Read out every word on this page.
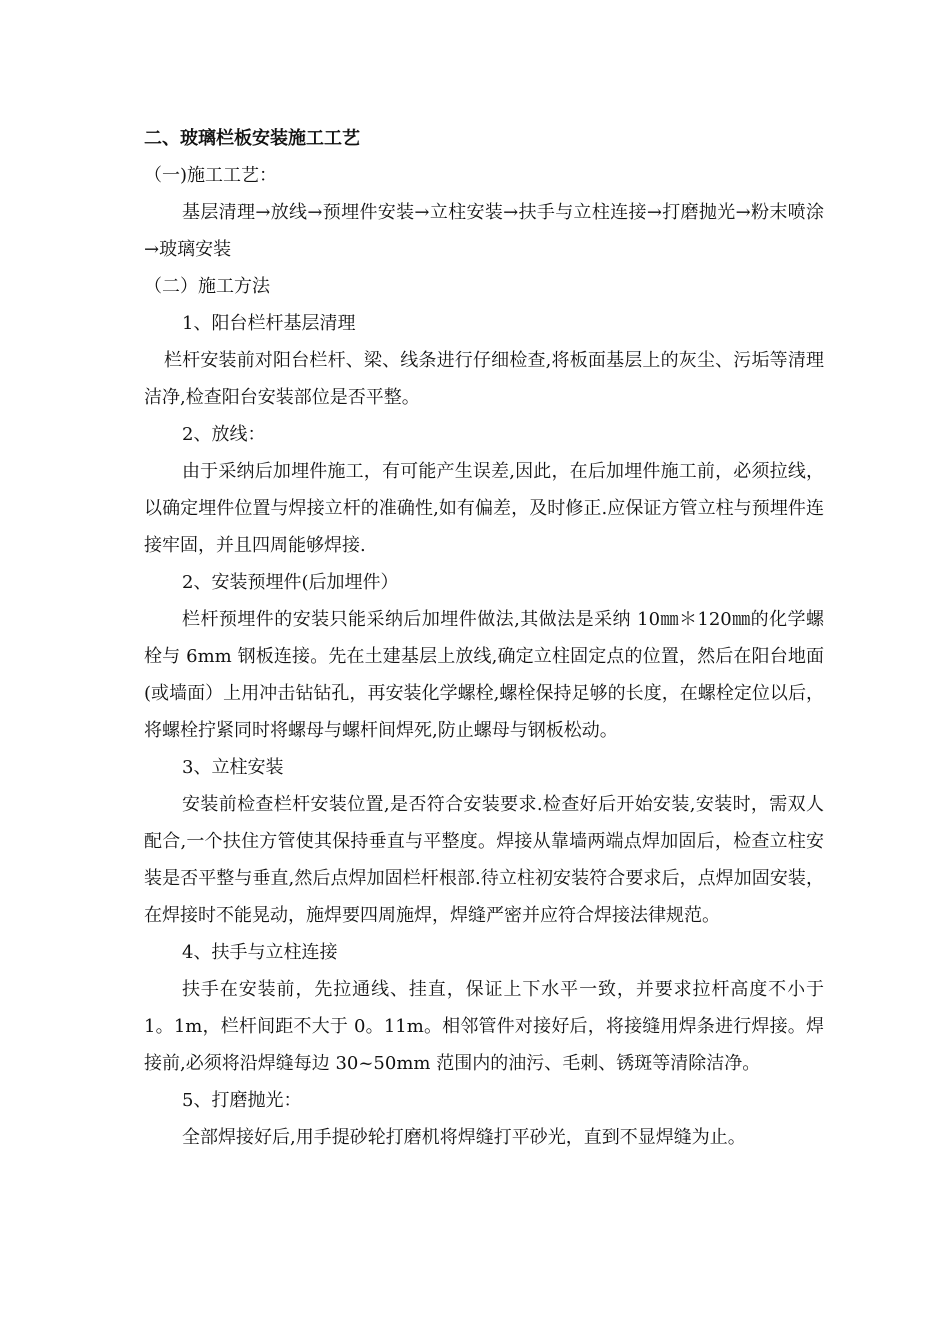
二、玻璃栏板安装施工工艺

（一)施工工艺：

基层清理→放线→预埋件安装→立柱安装→扶手与立柱连接→打磨抛光→粉末喷涂→玻璃安装

（二）施工方法

1、阳台栏杆基层清理

栏杆安装前对阳台栏杆、梁、线条进行仔细检查,将板面基层上的灰尘、污垢等清理洁净,检查阳台安装部位是否平整。

2、放线：

由于采纳后加埋件施工，有可能产生误差,因此，在后加埋件施工前，必须拉线，以确定埋件位置与焊接立杆的准确性,如有偏差，及时修正.应保证方管立柱与预埋件连接牢固，并且四周能够焊接.

2、安装预埋件(后加埋件）

栏杆预埋件的安装只能采纳后加埋件做法,其做法是采纳 10㎜＊120㎜的化学螺栓与 6mm 钢板连接。先在土建基层上放线,确定立柱固定点的位置，然后在阳台地面(或墙面）上用冲击钻钻孔，再安装化学螺栓,螺栓保持足够的长度，在螺栓定位以后，将螺栓拧紧同时将螺母与螺杆间焊死,防止螺母与钢板松动。

3、立柱安装

安装前检查栏杆安装位置,是否符合安装要求.检查好后开始安装,安装时，需双人配合,一个扶住方管使其保持垂直与平整度。焊接从靠墙两端点焊加固后，检查立柱安装是否平整与垂直,然后点焊加固栏杆根部.待立柱初安装符合要求后，点焊加固安装，在焊接时不能晃动，施焊要四周施焊，焊缝严密并应符合焊接法律规范。

4、扶手与立柱连接

扶手在安装前，先拉通线、挂直，保证上下水平一致，并要求拉杆高度不小于 1。1m，栏杆间距不大于 0。11m。相邻管件对接好后，将接缝用焊条进行焊接。焊接前,必须将沿焊缝每边 30~50mm 范围内的油污、毛刺、锈斑等清除洁净。

5、打磨抛光：

全部焊接好后,用手提砂轮打磨机将焊缝打平砂光，直到不显焊缝为止。
